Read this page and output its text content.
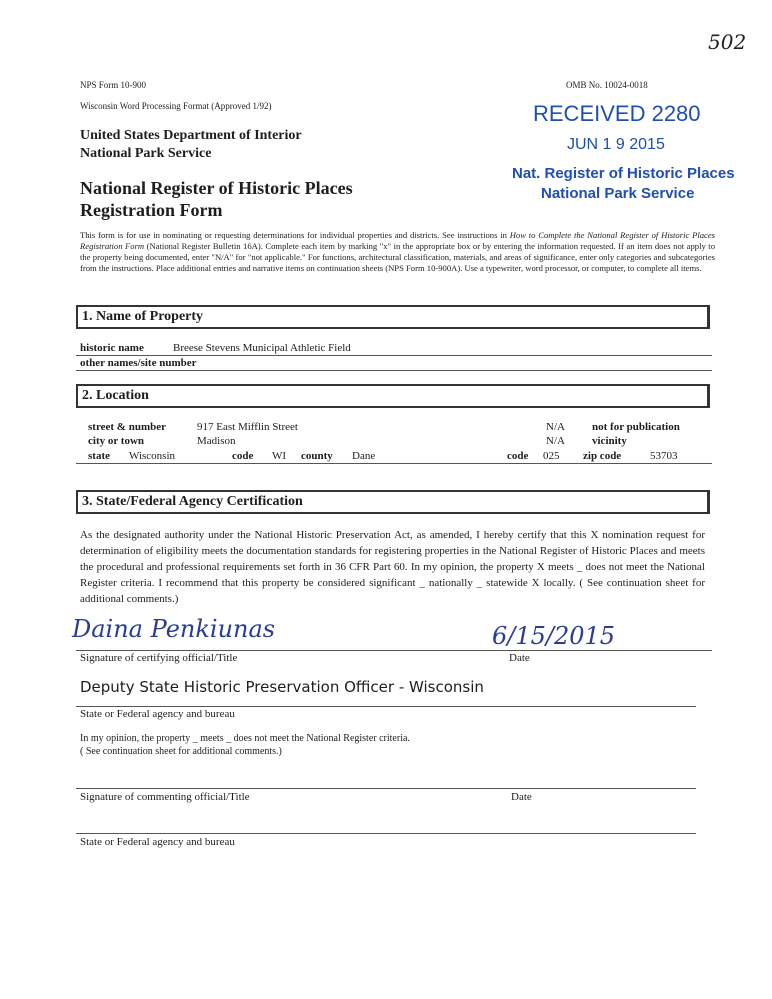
502
NPS Form 10-900
Wisconsin Word Processing Format (Approved 1/92)
OMB No. 10024-0018
United States Department of Interior
National Park Service
National Register of Historic Places
Registration Form
RECEIVED 2280
JUN 1 9 2015
Nat. Register of Historic Places
National Park Service
This form is for use in nominating or requesting determinations for individual properties and districts. See instructions in How to Complete the National Register of Historic Places Registration Form (National Register Bulletin 16A). Complete each item by marking "x" in the appropriate box or by entering the information requested. If an item does not apply to the property being documented, enter "N/A" for "not applicable." For functions, architectural classification, materials, and areas of significance, enter only categories and subcategories from the instructions. Place additional entries and narrative items on continuation sheets (NPS Form 10-900A). Use a typewriter, word processor, or computer, to complete all items.
1. Name of Property
historic name	Breese Stevens Municipal Athletic Field
other names/site number
2. Location
street & number	917 East Mifflin Street	N/A not for publication
city or town	Madison	N/A vicinity
state Wisconsin	code WI county Dane	code 025 zip code	53703
3. State/Federal Agency Certification
As the designated authority under the National Historic Preservation Act, as amended, I hereby certify that this X nomination request for determination of eligibility meets the documentation standards for registering properties in the National Register of Historic Places and meets the procedural and professional requirements set forth in 36 CFR Part 60. In my opinion, the property X meets _ does not meet the National Register criteria. I recommend that this property be considered significant _ nationally _ statewide X locally. ( See continuation sheet for additional comments.)
Daina Penkiunas	6/15/2015
Signature of certifying official/Title	Date
Deputy State Historic Preservation Officer - Wisconsin
State or Federal agency and bureau
In my opinion, the property _ meets _ does not meet the National Register criteria.
( See continuation sheet for additional comments.)
Signature of commenting official/Title	Date
State or Federal agency and bureau
